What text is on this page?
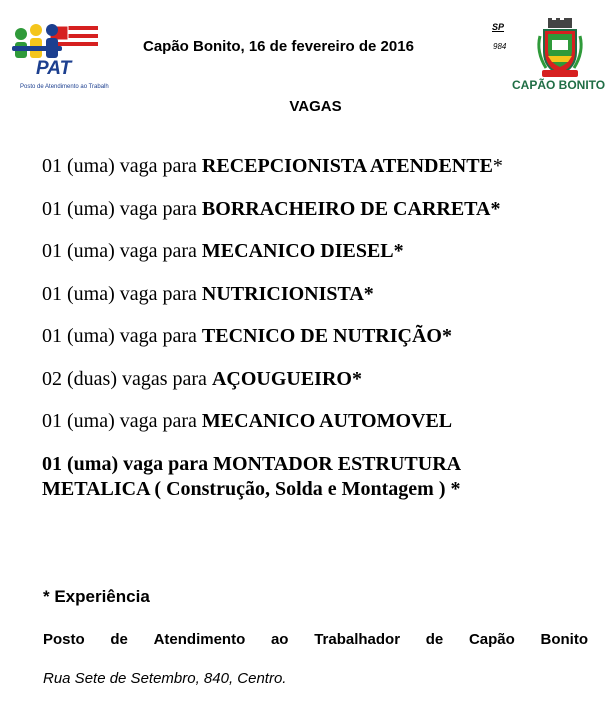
PAT
Posto de Atendimento ao Trabalh
Capão Bonito, 16 de fevereiro de 2016
SP
984
CAPÃO BONITO
VAGAS
01 (uma) vaga para RECEPCIONISTA ATENDENTE*
01 (uma) vaga para BORRACHEIRO DE CARRETA*
01 (uma) vaga para MECANICO DIESEL*
01 (uma) vaga para NUTRICIONISTA*
01 (uma) vaga para TECNICO DE NUTRIÇÃO*
02 (duas) vagas para AÇOUGUEIRO*
01 (uma) vaga para MECANICO AUTOMOVEL
01 (uma) vaga para MONTADOR ESTRUTURA
METALICA ( Construção, Solda e Montagem ) *
* Experiência
Posto de Atendimento ao Trabalhador de Capão Bonito
Rua Sete de Setembro, 840, Centro.
